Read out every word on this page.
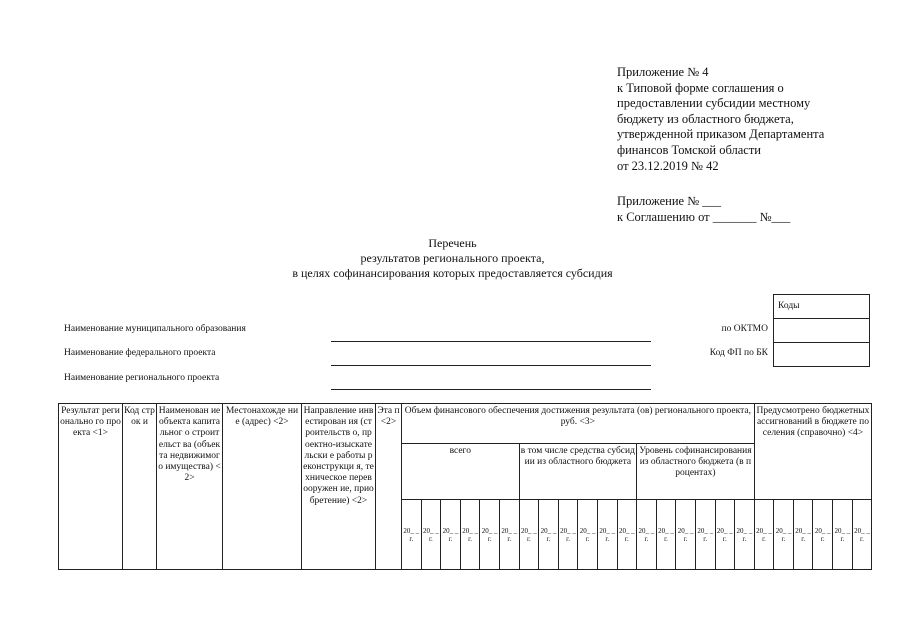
Приложение № 4
к Типовой форме соглашения о
предоставлении субсидии местному
бюджету из областного бюджета,
утвержденной приказом Департамента
финансов Томской области
от 23.12.2019 № 42
Приложение № ___
к Соглашению от _______ №___
Перечень
результатов регионального проекта,
в целях софинансирования которых предоставляется субсидия
Коды
по ОКТМО
Код ФП по БК
Наименование муниципального образования
Наименование федерального проекта
Наименование регионального проекта
Результат регионально го проекта <1>	Код строк и	Наименован ие объекта капитальног о строительст ва (объекта недвижимог о имущества) <2>	Местонахожде ние (адрес) <2>	Направление инвестирован ия (строительств о, проектно-изыскательски е работы реконструкци я, техническое перевооружен ие, приобретение) <2>	Эта п <2>	Объем финансового обеспечения достижения результата (ов) регионального проекта, руб. <3>																		Предусмотрено бюджетных ассигнований в бюджете поселения (справочно) <4>					
						всего						в том числе средства субсидии из областного бюджета						Уровень софинансирования из областного бюджета (в процентах)											
						20_ _ г.	20_ _ г.	20_ _ г.	20_ _ г.	20_ _ г.	20_ _ г.	20_ _ г.	20_ _ г.	20_ _ г.	20_ _ г.	20_ _ г.	20_ _ г.	20_ _ г.	20_ _ г.	20_ _ г.	20_ _ г.	20_ _ г.	20_ _ г.	20_ _ г.	20_ _ г.	20_ _ г.	20_ _ г.	20_ _ г.	20_ _ г.
